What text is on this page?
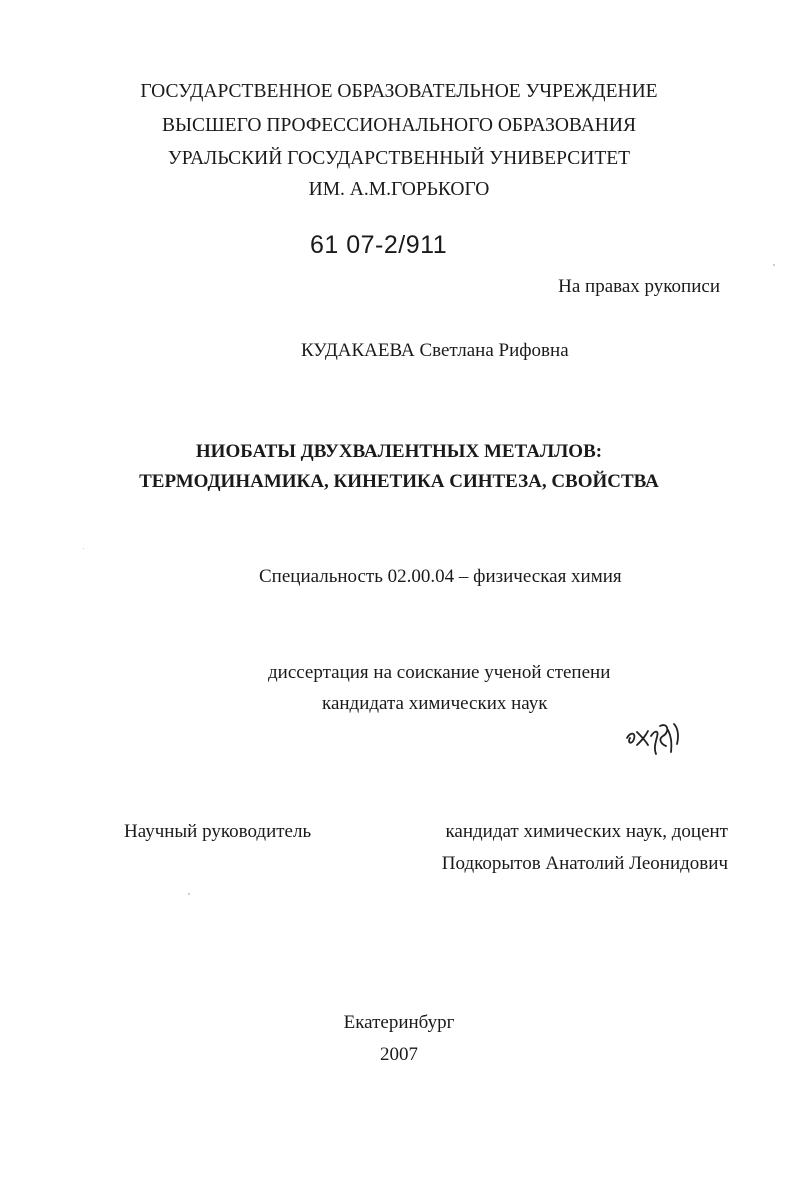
ГОСУДАРСТВЕННОЕ ОБРАЗОВАТЕЛЬНОЕ УЧРЕЖДЕНИЕ
ВЫСШЕГО ПРОФЕССИОНАЛЬНОГО ОБРАЗОВАНИЯ
УРАЛЬСКИЙ ГОСУДАРСТВЕННЫЙ УНИВЕРСИТЕТ
ИМ. А.М.ГОРЬКОГО
61 07-2/911
На правах рукописи
КУДАКАЕВА Светлана Рифовна
НИОБАТЫ ДВУХВАЛЕНТНЫХ МЕТАЛЛОВ:
ТЕРМОДИНАМИКА, КИНЕТИКА СИНТЕЗА, СВОЙСТВА
Специальность 02.00.04 – физическая химия
диссертация на соискание ученой степени
кандидата химических наук
Научный руководитель	кандидат химических наук, доцент
Подкорытов Анатолий Леонидович
Екатеринбург
2007
